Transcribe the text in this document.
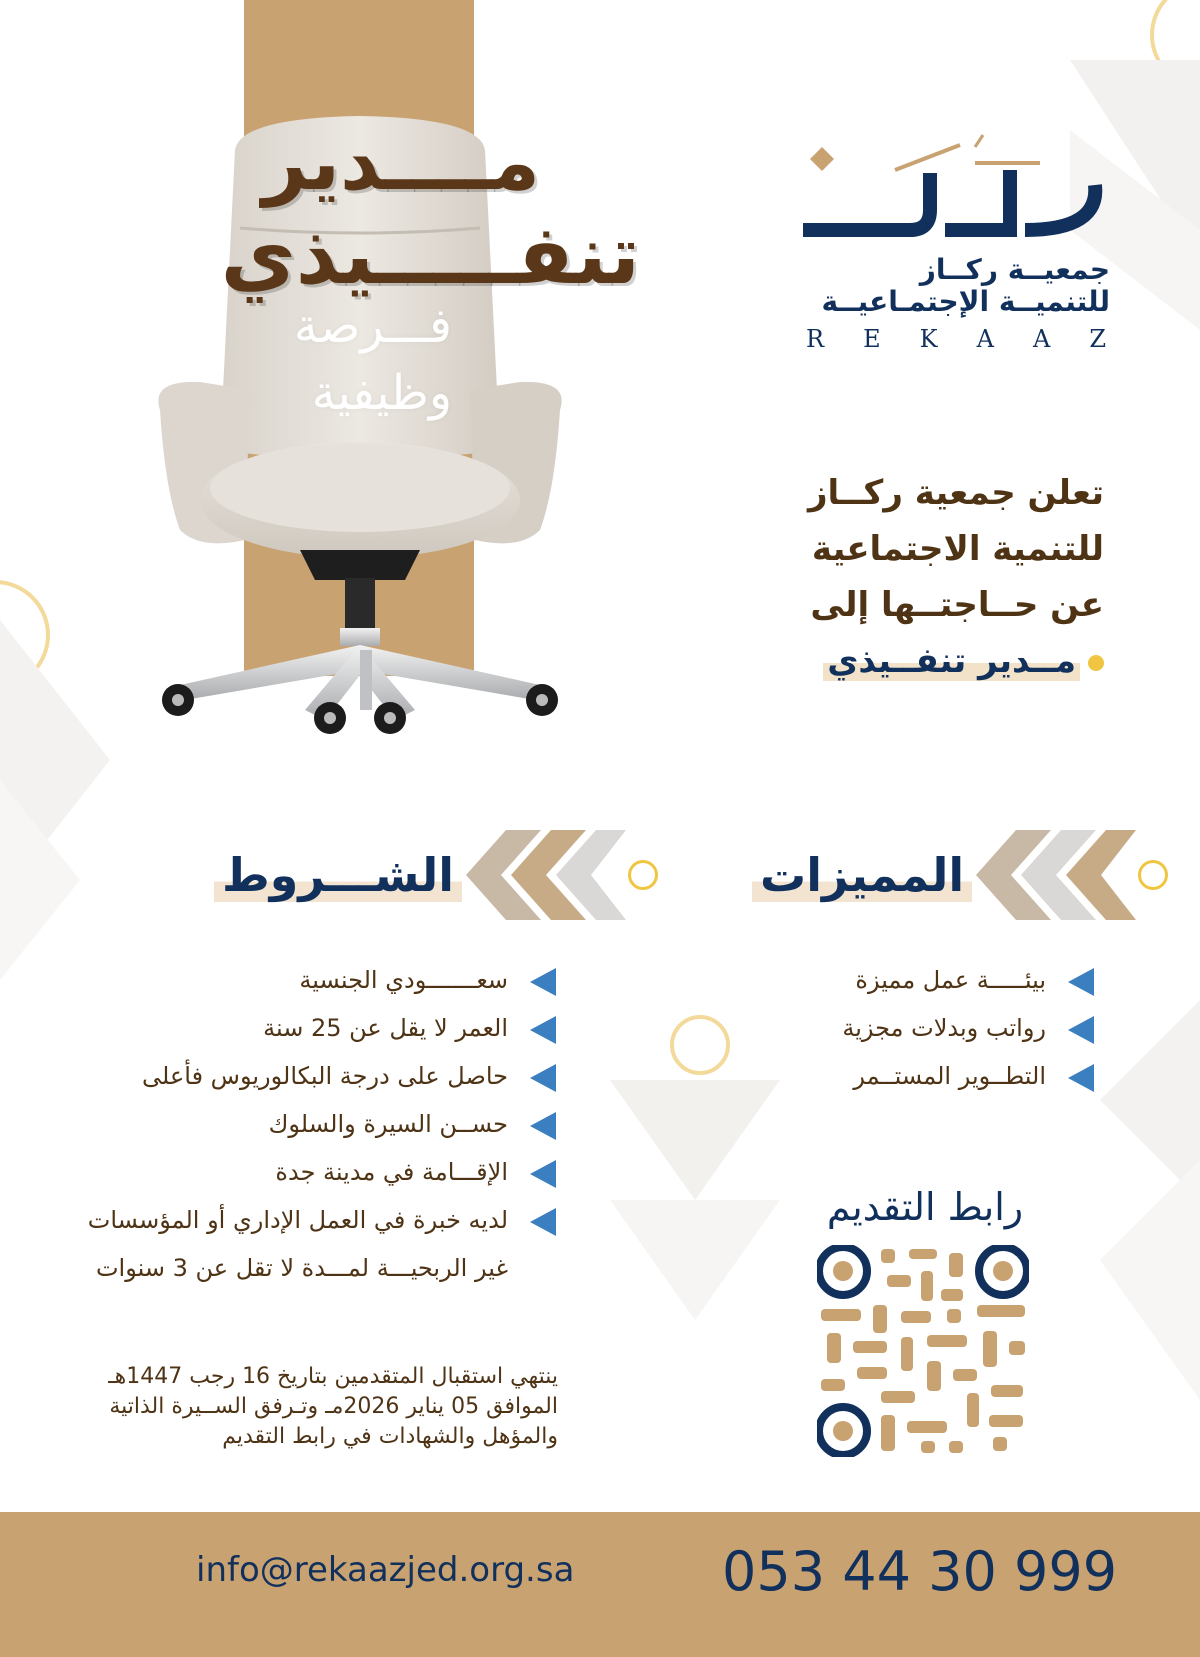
مــــدير
تنفـــــيذي
فـــرصة
وظيفية
جمعيــة ركــاز
للتنميــة الإجتمـاعيــة
R E K A A Z
تعلن جمعية ركــاز
للتنمية الاجتماعية
عن حــاجتــها إلى
مــدير تنفــيذي
الشـــروط	المميزات
سعـــــــودي الجنسية
العمر لا يقل عن 25 سنة
حاصل على درجة البكالوريوس فأعلى
حســن السيرة والسلوك
الإقـــامة في مدينة جدة
لديه خبرة في العمل الإداري أو المؤسسات
غير الربحيـــة لمـــدة لا تقل عن 3 سنوات
بيئـــــة عمل مميزة
رواتب وبدلات مجزية
التطــوير المستــمر
ينتهي استقبال المتقدمين بتاريخ 16 رجب 1447هـ
الموافق 05 يناير 2026مـ وتـرفق الســيرة الذاتية
والمؤهل والشهادات في رابط التقديم
رابط التقديم
info@rekaazjed.org.sa	053 44 30 999
